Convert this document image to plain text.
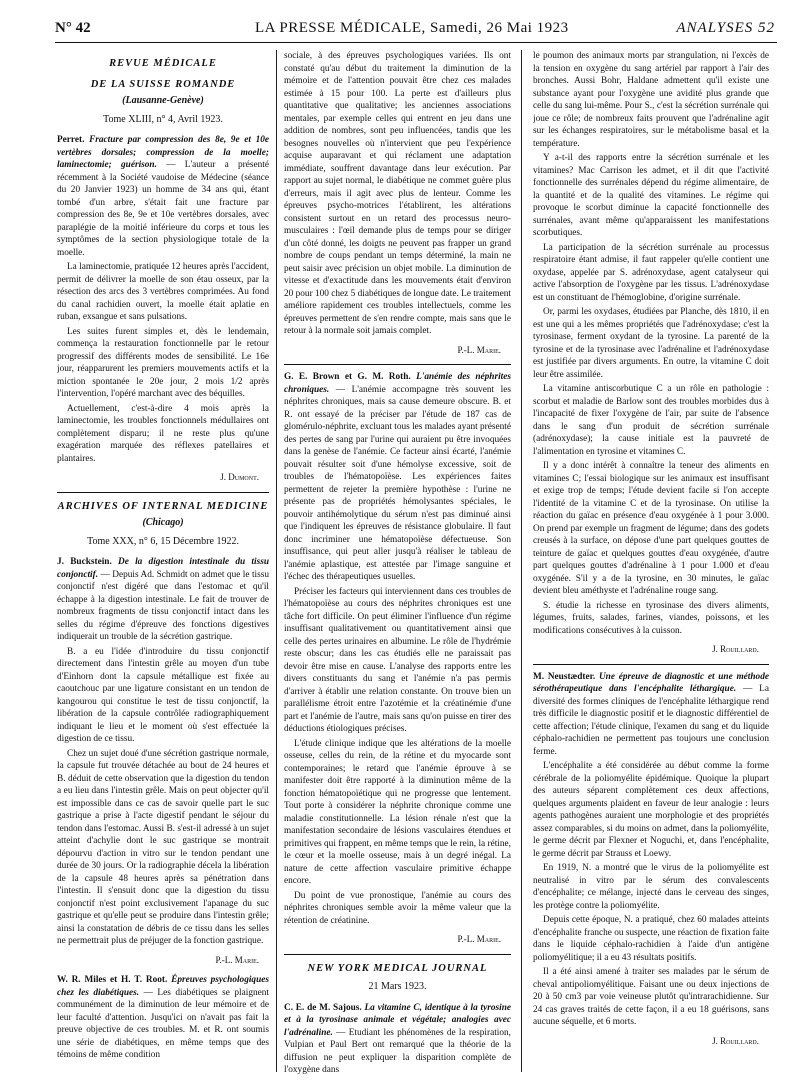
N° 42	LA PRESSE MÉDICALE, Samedi, 26 Mai 1923	ANALYSES 52
REVUE MÉDICALE
DE LA SUISSE ROMANDE
(Lausanne-Genève)
Tome XLIII, n° 4, Avril 1923.

Perret. Fracture par compression des 8e, 9e et 10e vertèbres dorsales; compression de la moelle; laminectomie; guérison. — L'auteur a présenté récemment à la Société vaudoise de Médecine (séance du 20 Janvier 1923) un homme de 34 ans qui, étant tombé d'un arbre, s'était fait une fracture par compression des 8e, 9e et 10e vertèbres dorsales, avec paraplégie de la moitié inférieure du corps et tous les symptômes de la section physiologique totale de la moelle.

La laminectomie, pratiquée 12 heures après l'accident, permit de délivrer la moelle de son étau osseux, par la résection des arcs des 3 vertèbres comprimées. Au fond du canal rachidien ouvert, la moelle était aplatie en ruban, exsangue et sans pulsations.

Les suites furent simples et, dès le lendemain, commença la restauration fonctionnelle par le retour progressif des différents modes de sensibilité. Le 16e jour, réapparurent les premiers mouvements actifs et la miction spontanée le 20e jour, 2 mois 1/2 après l'intervention, l'opéré marchant avec des béquilles.

Actuellement, c'est-à-dire 4 mois après la laminectomie, les troubles fonctionnels médullaires ont complètement disparu; il ne reste plus qu'une exagération marquée des réflexes patellaires et plantaires.

J. Dumont.
ARCHIVES OF INTERNAL MEDICINE
(Chicago)
Tome XXX, n° 6, 15 Décembre 1922.

J. Buckstein. De la digestion intestinale du tissu conjonctif. — Depuis Ad. Schmidt on admet que le tissu conjonctif n'est digéré que dans l'estomac et qu'il échappe à la digestion intestinale. Le fait de trouver de nombreux fragments de tissu conjonctif intact dans les selles du régime d'épreuve des fonctions digestives indiquerait un trouble de la sécrétion gastrique.

B. a eu l'idée d'introduire du tissu conjonctif directement dans l'intestin grêle au moyen d'un tube d'Einhorn dont la capsule métallique est fixée au caoutchouc par une ligature consistant en un tendon de kangourou qui constitue le test de tissu conjonctif, la libération de la capsule contrôlée radiographiquement indiquant le lieu et le moment où s'est effectuée la digestion de ce tissu.

Chez un sujet doué d'une sécrétion gastrique normale, la capsule fut trouvée détachée au bout de 24 heures et B. déduit de cette observation que la digestion du tendon a eu lieu dans l'intestin grêle. Mais on peut objecter qu'il est impossible dans ce cas de savoir quelle part le suc gastrique a prise à l'acte digestif pendant le séjour du tendon dans l'estomac. Aussi B. s'est-il adressé à un sujet atteint d'achylie dont le suc gastrique se montrait dépourvu d'action in vitro sur le tendon pendant une durée de 30 jours. Or la radiographie décela la libération de la capsule 48 heures après sa pénétration dans l'intestin. Il s'ensuit donc que la digestion du tissu conjonctif n'est point exclusivement l'apanage du suc gastrique et qu'elle peut se produire dans l'intestin grêle; ainsi la constatation de débris de ce tissu dans les selles ne permettrait plus de préjuger de la fonction gastrique.

P.-L. Marie.

W. R. Miles et H. T. Root. Épreuves psychologiques chez les diabétiques. — Les diabétiques se plaignent communément de la diminution de leur mémoire et de leur faculté d'attention. Jusqu'ici on n'avait pas fait la preuve objective de ces troubles. M. et R. ont soumis une série de diabétiques, en même temps que des témoins de même condition

sociale, à des épreuves psychologiques variées. Ils ont constaté qu'au début du traitement la diminution de la mémoire et de l'attention pouvait être chez ces malades estimée à 15 pour 100. La perte est d'ailleurs plus quantitative que qualitative; les anciennes associations mentales, par exemple celles qui entrent en jeu dans une addition de nombres, sont peu influencées, tandis que les besognes nouvelles où n'intervient que peu l'expérience acquise auparavant et qui réclament une adaptation immédiate, souffrent davantage dans leur exécution. Par rapport au sujet normal, le diabétique ne commet guère plus d'erreurs, mais il agit avec plus de lenteur. Comme les épreuves psycho-motrices l'établirent, les altérations consistent surtout en un retard des processus neuro-musculaires : l'œil demande plus de temps pour se diriger d'un côté donné, les doigts ne peuvent pas frapper un grand nombre de coups pendant un temps déterminé, la main ne peut saisir avec précision un objet mobile. La diminution de vitesse et d'exactitude dans les mouvements était d'environ 20 pour 100 chez 5 diabétiques de longue date. Le traitement améliore rapidement ces troubles intellectuels, comme les épreuves permettent de s'en rendre compte, mais sans que le retour à la normale soit jamais complet.

P.-L. Marie.

G. E. Brown et G. M. Roth. L'anémie des néphrites chroniques. — L'anémie accompagne très souvent les néphrites chroniques, mais sa cause demeure obscure. B. et R. ont essayé de la préciser par l'étude de 187 cas de glomérulo-néphrite, excluant tous les malades ayant présenté des pertes de sang par l'urine qui auraient pu être invoquées dans la genèse de l'anémie. Ce facteur ainsi écarté, l'anémie pouvait résulter soit d'une hémolyse excessive, soit de troubles de l'hématopoïèse. Les expériences faites permettent de rejeter la première hypothèse : l'urine ne présente pas de propriétés hémolysantes spéciales, le pouvoir antihémolytique du sérum n'est pas diminué ainsi que l'indiquent les épreuves de résistance globulaire. Il faut donc incriminer une hématopoïèse défectueuse. Son insuffisance, qui peut aller jusqu'à réaliser le tableau de l'anémie aplastique, est attestée par l'image sanguine et l'échec des thérapeutiques usuelles.

Préciser les facteurs qui interviennent dans ces troubles de l'hématopoïèse au cours des néphrites chroniques est une tâche fort difficile. On peut éliminer l'influence d'un régime insuffisant qualitativement ou quantitativement ainsi que celle des pertes urinaires en albumine. Le rôle de l'hydrémie reste obscur; dans les cas étudiés elle ne paraissait pas devoir être mise en cause. L'analyse des rapports entre les divers constituants du sang et l'anémie n'a pas permis d'arriver à établir une relation constante. On trouve bien un parallélisme étroit entre l'azotémie et la créatinémie d'une part et l'anémie de l'autre, mais sans qu'on puisse en tirer des déductions étiologiques précises.

L'étude clinique indique que les altérations de la moelle osseuse, celles du rein, de la rétine et du myocarde sont contemporaines; le retard que l'anémie éprouve à se manifester doit être rapporté à la diminution même de la fonction hématopoïétique qui ne progresse que lentement. Tout porte à considérer la néphrite chronique comme une maladie constitutionnelle. La lésion rénale n'est que la manifestation secondaire de lésions vasculaires étendues et primitives qui frappent, en même temps que le rein, la rétine, le cœur et la moelle osseuse, mais à un degré inégal. La nature de cette affection vasculaire primitive échappe encore.

Du point de vue pronostique, l'anémie au cours des néphrites chroniques semble avoir la même valeur que la rétention de créatinine.

P.-L. Marie.
NEW YORK MEDICAL JOURNAL
21 Mars 1923.

C. E. de M. Sajous. La vitamine C, identique à la tyrosine et à la tyrosinase animale et végétale; analogies avec l'adrénaline. — Etudiant les phénomènes de la respiration, Vulpian et Paul Bert ont remarqué que la théorie de la diffusion ne peut expliquer la disparition complète de l'oxygène dans

le poumon des animaux morts par strangulation, ni l'excès de la tension en oxygène du sang artériel par rapport à l'air des bronches. Aussi Bohr, Haldane admettent qu'il existe une substance ayant pour l'oxygène une avidité plus grande que celle du sang lui-même. Pour S., c'est la sécrétion surrénale qui joue ce rôle; de nombreux faits prouvent que l'adrénaline agit sur les échanges respiratoires, sur le métabolisme basal et la température.

Y a-t-il des rapports entre la sécrétion surrénale et les vitamines? Mac Carrison les admet, et il dit que l'activité fonctionnelle des surrénales dépend du régime alimentaire, de la quantité et de la qualité des vitamines. Le régime qui provoque le scorbut diminue la capacité fonctionnelle des surrénales, avant même qu'apparaissent les manifestations scorbutiques.

La participation de la sécrétion surrénale au processus respiratoire étant admise, il faut rappeler qu'elle contient une oxydase, appelée par S. adrénoxydase, agent catalyseur qui active l'absorption de l'oxygène par les tissus. L'adrénoxydase est un constituant de l'hémoglobine, d'origine surrénale.

Or, parmi les oxydases, étudiées par Planche, dès 1810, il en est une qui a les mêmes propriétés que l'adrénoxydase; c'est la tyrosinase, ferment oxydant de la tyrosine. La parenté de la tyrosine et de la tyrosinase avec l'adrénaline et l'adrénoxydase est justifiée par divers arguments. En outre, la vitamine C doit leur être assimilée.

La vitamine antiscorbutique C a un rôle en pathologie : scorbut et maladie de Barlow sont des troubles morbides dus à l'incapacité de fixer l'oxygène de l'air, par suite de l'absence dans le sang d'un produit de sécrétion surrénale (adrénoxydase); la cause initiale est la pauvreté de l'alimentation en tyrosine et vitamines C.

Il y a donc intérêt à connaître la teneur des aliments en vitamines C; l'essai biologique sur les animaux est insuffisant et exige trop de temps; l'étude devient facile si l'on accepte l'identité de la vitamine C et de la tyrosinase. On utilise la réaction du gaïac en présence d'eau oxygénée à 1 pour 3.000. On prend par exemple un fragment de légume; dans des godets creusés à la surface, on dépose d'une part quelques gouttes de teinture de gaïac et quelques gouttes d'eau oxygénée, d'autre part quelques gouttes d'adrénaline à 1 pour 1.000 et d'eau oxygénée. S'il y a de la tyrosine, en 30 minutes, le gaïac devient bleu améthyste et l'adrénaline rouge sang.

S. étudie la richesse en tyrosinase des divers aliments, légumes, fruits, salades, farines, viandes, poissons, et les modifications consécutives à la cuisson.

J. Rouillard.

M. Neustædter. Une épreuve de diagnostic et une méthode sérothérapeutique dans l'encéphalite léthargique. — La diversité des formes cliniques de l'encéphalite léthargique rend très difficile le diagnostic positif et le diagnostic différentiel de cette affection; l'étude clinique, l'examen du sang et du liquide céphalo-rachidien ne permettent pas toujours une conclusion ferme.

L'encéphalite a été considérée au début comme la forme cérébrale de la poliomyélite épidémique. Quoique la plupart des auteurs séparent complètement ces deux affections, quelques arguments plaident en faveur de leur analogie : leurs agents pathogènes auraient une morphologie et des propriétés assez comparables, si du moins on admet, dans la poliomyélite, le germe décrit par Flexner et Noguchi, et, dans l'encéphalite, le germe décrit par Strauss et Loewy.

En 1919, N. a montré que le virus de la poliomyélite est neutralisé in vitro par le sérum des convalescents d'encéphalite; ce mélange, injecté dans le cerveau des singes, les protège contre la poliomyélite.

Depuis cette époque, N. a pratiqué, chez 60 malades atteints d'encéphalite franche ou suspecte, une réaction de fixation faite dans le liquide céphalo-rachidien à l'aide d'un antigène poliomyélitique; il a eu 43 résultats positifs.

Il a été ainsi amené à traiter ses malades par le sérum de cheval antipoliomyélitique. Faisant une ou deux injections de 20 à 50 cm3 par voie veineuse plutôt qu'intrarachidienne. Sur 24 cas graves traités de cette façon, il a eu 18 guérisons, sans aucune séquelle, et 6 morts.

J. Rouillard.
